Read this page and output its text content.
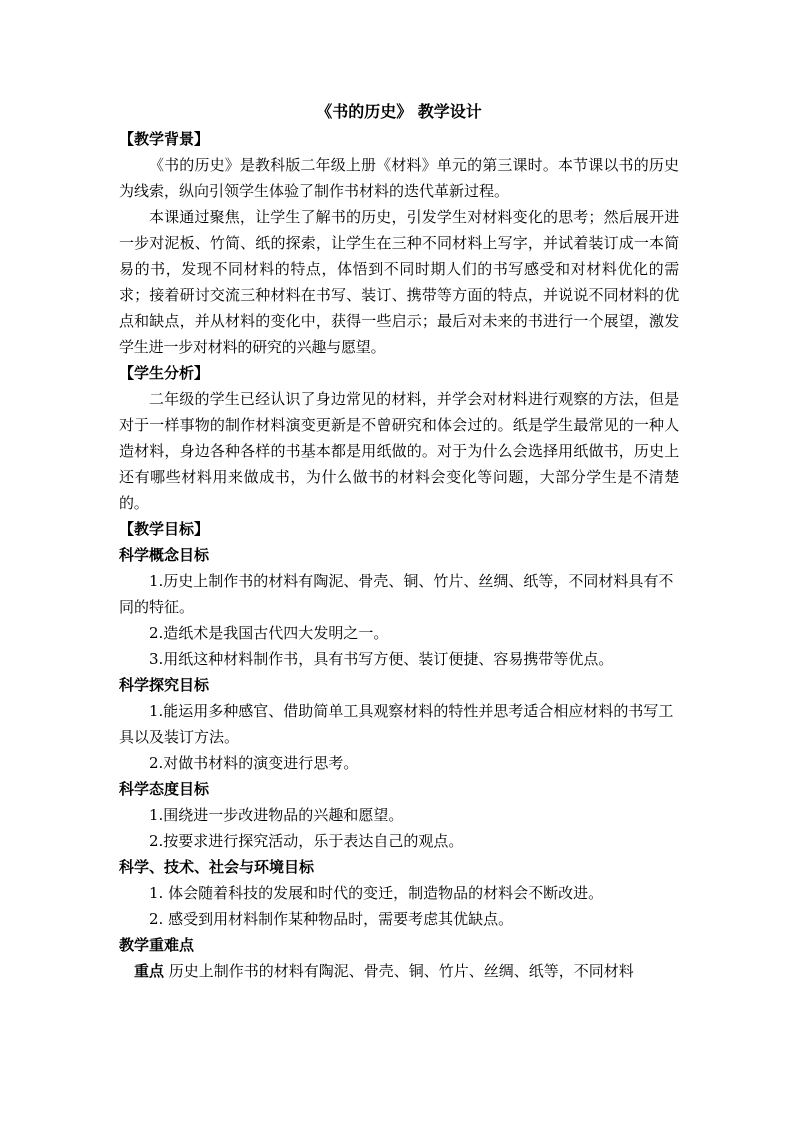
《书的历史》 教学设计

【教学背景】

《书的历史》是教科版二年级上册《材料》单元的第三课时。本节课以书的历史为线索，纵向引领学生体验了制作书材料的迭代革新过程。

本课通过聚焦，让学生了解书的历史，引发学生对材料变化的思考；然后展开进一步对泥板、竹简、纸的探索，让学生在三种不同材料上写字，并试着装订成一本简易的书，发现不同材料的特点，体悟到不同时期人们的书写感受和对材料优化的需求；接着研讨交流三种材料在书写、装订、携带等方面的特点，并说说不同材料的优点和缺点，并从材料的变化中，获得一些启示；最后对未来的书进行一个展望，激发学生进一步对材料的研究的兴趣与愿望。

【学生分析】

二年级的学生已经认识了身边常见的材料，并学会对材料进行观察的方法，但是对于一样事物的制作材料演变更新是不曾研究和体会过的。纸是学生最常见的一种人造材料，身边各种各样的书基本都是用纸做的。对于为什么会选择用纸做书，历史上还有哪些材料用来做成书，为什么做书的材料会变化等问题，大部分学生是不清楚的。

【教学目标】

科学概念目标

1.历史上制作书的材料有陶泥、骨壳、铜、竹片、丝绸、纸等，不同材料具有不同的特征。

2.造纸术是我国古代四大发明之一。

3.用纸这种材料制作书，具有书写方便、装订便捷、容易携带等优点。

科学探究目标

1.能运用多种感官、借助简单工具观察材料的特性并思考适合相应材料的书写工具以及装订方法。

2.对做书材料的演变进行思考。

科学态度目标

1.围绕进一步改进物品的兴趣和愿望。

2.按要求进行探究活动，乐于表达自己的观点。

科学、技术、社会与环境目标

1. 体会随着科技的发展和时代的变迁，制造物品的材料会不断改进。

2. 感受到用材料制作某种物品时，需要考虑其优缺点。

教学重难点

重点 历史上制作书的材料有陶泥、骨壳、铜、竹片、丝绸、纸等，不同材料
